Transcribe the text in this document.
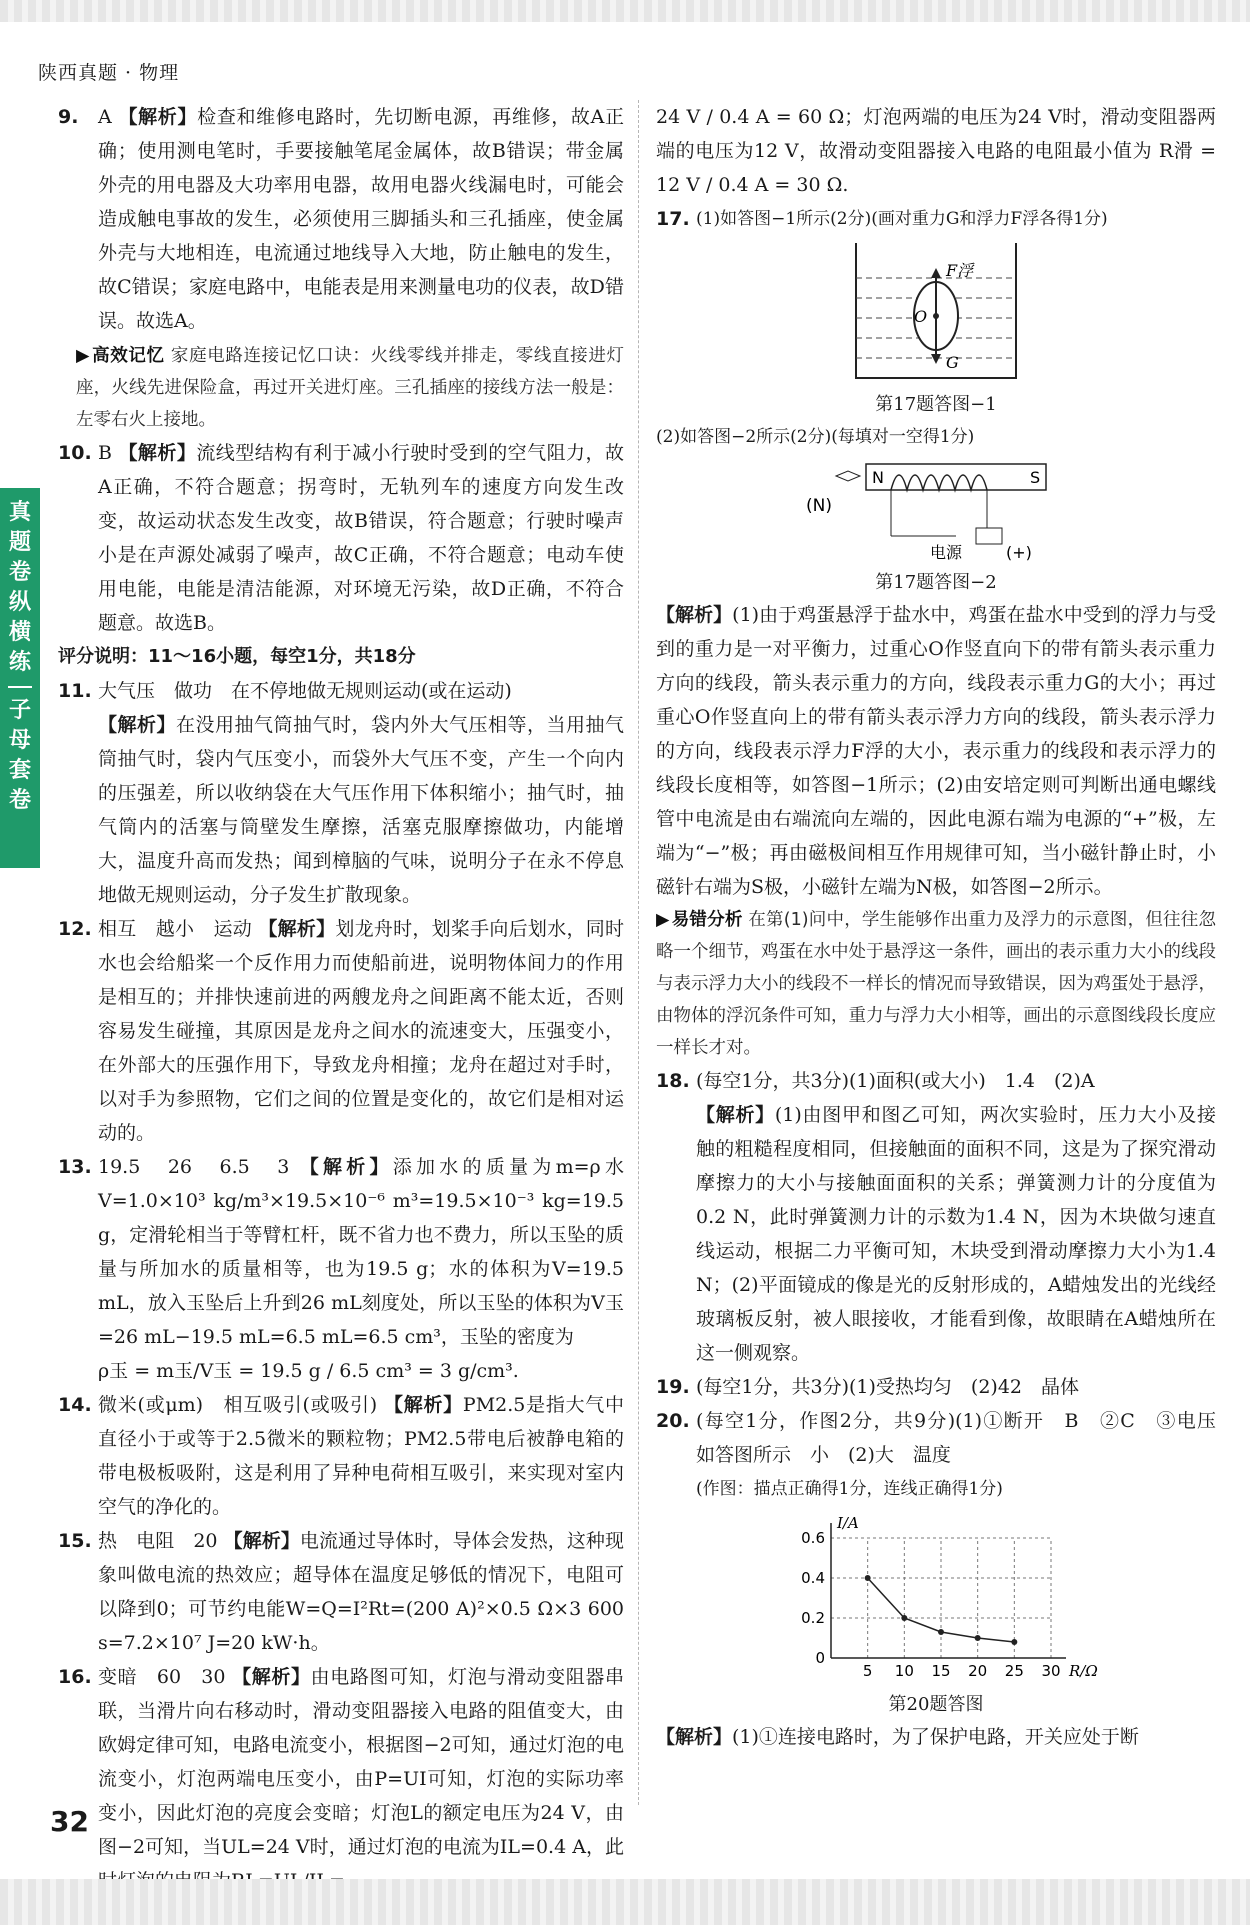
陕西真题 · 物理
真
题
卷
纵
横
练
子
母
套
卷
9.	A 【解析】检查和维修电路时，先切断电源，再维修，故A正确；使用测电笔时，手要接触笔尾金属体，故B错误；带金属外壳的用电器及大功率用电器，故用电器火线漏电时，可能会造成触电事故的发生，必须使用三脚插头和三孔插座，使金属外壳与大地相连，电流通过地线导入大地，防止触电的发生，故C错误；家庭电路中，电能表是用来测量电功的仪表，故D错误。故选A。
▶ 高效记忆 家庭电路连接记忆口诀：火线零线并排走，零线直接进灯座，火线先进保险盒，再过开关进灯座。三孔插座的接线方法一般是：左零右火上接地。
10. B 【解析】流线型结构有利于减小行驶时受到的空气阻力，故A正确，不符合题意；拐弯时，无轨列车的速度方向发生改变，故运动状态发生改变，故B错误，符合题意；行驶时噪声小是在声源处减弱了噪声，故C正确，不符合题意；电动车使用电能，电能是清洁能源，对环境无污染，故D正确，不符合题意。故选B。
评分说明：11～16小题，每空1分，共18分
11. 大气压　做功　在不停地做无规则运动(或在运动)
【解析】在没用抽气筒抽气时，袋内外大气压相等，当用抽气筒抽气时，袋内气压变小，而袋外大气压不变，产生一个向内的压强差，所以收纳袋在大气压作用下体积缩小；抽气时，抽气筒内的活塞与筒壁发生摩擦，活塞克服摩擦做功，内能增大，温度升高而发热；闻到樟脑的气味，说明分子在永不停息地做无规则运动，分子发生扩散现象。
12. 相互　越小　运动 【解析】划龙舟时，划桨手向后划水，同时水也会给船桨一个反作用力而使船前进，说明物体间力的作用是相互的；并排快速前进的两艘龙舟之间距离不能太近，否则容易发生碰撞，其原因是龙舟之间水的流速变大，压强变小，在外部大的压强作用下，导致龙舟相撞；龙舟在超过对手时，以对手为参照物，它们之间的位置是变化的，故它们是相对运动的。
13. 19.5　26　6.5　3 【解析】添加水的质量为m=ρ水V=1.0×10³ kg/m³×19.5×10⁻⁶ m³=19.5×10⁻³ kg=19.5 g，定滑轮相当于等臂杠杆，既不省力也不费力，所以玉坠的质量与所加水的质量相等，也为19.5 g；水的体积为V=19.5 mL，放入玉坠后上升到26 mL刻度处，所以玉坠的体积为V玉=26 mL−19.5 mL=6.5 mL=6.5 cm³，玉坠的密度为
ρ玉 = m玉/V玉 = 19.5 g / 6.5 cm³ = 3 g/cm³.
14. 微米(或μm)　相互吸引(或吸引) 【解析】PM2.5是指大气中直径小于或等于2.5微米的颗粒物；PM2.5带电后被静电箱的带电极板吸附，这是利用了异种电荷相互吸引，来实现对室内空气的净化的。
15. 热　电阻　20 【解析】电流通过导体时，导体会发热，这种现象叫做电流的热效应；超导体在温度足够低的情况下，电阻可以降到0；可节约电能W=Q=I²Rt=(200 A)²×0.5 Ω×3 600 s=7.2×10⁷ J=20 kW·h。
16. 变暗　60　30 【解析】由电路图可知，灯泡与滑动变阻器串联，当滑片向右移动时，滑动变阻器接入电路的阻值变大，由欧姆定律可知，电路电流变小，根据图−2可知，通过灯泡的电流变小，灯泡两端电压变小，由P=UI可知，灯泡的实际功率变小，因此灯泡的亮度会变暗；灯泡L的额定电压为24 V，由图−2可知，当UL=24 V时，通过灯泡的电流为IL=0.4 A，此
24 V / 0.4 A = 60 Ω；灯泡两端的电压为24 V时，滑动变阻器两端的电压为12 V，故滑动变阻器接入电路的电阻最小值为 R滑 = 12 V / 0.4 A = 30 Ω.
17. (1)如答图−1所示(2分)(画对重力G和浮力F浮各得1分)
F浮
O
G
第17题答图−1
(2)如答图−2所示(2分)(每填对一空得1分)
(N)
N	S
电源	(+)
第17题答图−2
【解析】(1)由于鸡蛋悬浮于盐水中，鸡蛋在盐水中受到的浮力与受到的重力是一对平衡力，过重心O作竖直向下的带有箭头表示重力方向的线段，箭头表示重力的方向，线段表示重力G的大小；再过重心O作竖直向上的带有箭头表示浮力方向的线段，箭头表示浮力的方向，线段表示浮力F浮的大小，表示重力的线段和表示浮力的线段长度相等，如答图−1所示；(2)由安培定则可判断出通电螺线管中电流是由右端流向左端的，因此电源右端为电源的“+”极，左端为“−”极；再由磁极间相互作用规律可知，当小磁针静止时，小磁针右端为S极，小磁针左端为N极，如答图−2所示。
▶ 易错分析 在第(1)问中，学生能够作出重力及浮力的示意图，但往往忽略一个细节，鸡蛋在水中处于悬浮这一条件，画出的表示重力大小的线段与表示浮力大小的线段不一样长的情况而导致错误，因为鸡蛋处于悬浮，由物体的浮沉条件可知，重力与浮力大小相等，画出的示意图线段长度应一样长才对。
18. (每空1分，共3分)(1)面积(或大小)　1.4　(2)A
【解析】(1)由图甲和图乙可知，两次实验时，压力大小及接触的粗糙程度相同，但接触面的面积不同，这是为了探究滑动摩擦力的大小与接触面面积的关系；弹簧测力计的分度值为0.2 N，此时弹簧测力计的示数为1.4 N，因为木块做匀速直线运动，根据二力平衡可知，木块受到滑动摩擦力大小为1.4 N；(2)平面镜成的像是光的反射形成的，A蜡烛发出的光线经玻璃板反射，被人眼接收，才能看到像，故眼睛在A蜡烛所在这一侧观察。
19. (每空1分，共3分)(1)受热均匀　(2)42　晶体
20. (每空1分，作图2分，共9分)(1)①断开　B　②C　③电压　如答图所示　小　(2)大　温度
(作图：描点正确得1分，连线正确得1分)
5 10 15 20 25 30
0
0.2
0.4
0.6
R/Ω
I/A
第20题答图
【解析】(1)①连接电路时，为了保护电路，开关应处于断
32
